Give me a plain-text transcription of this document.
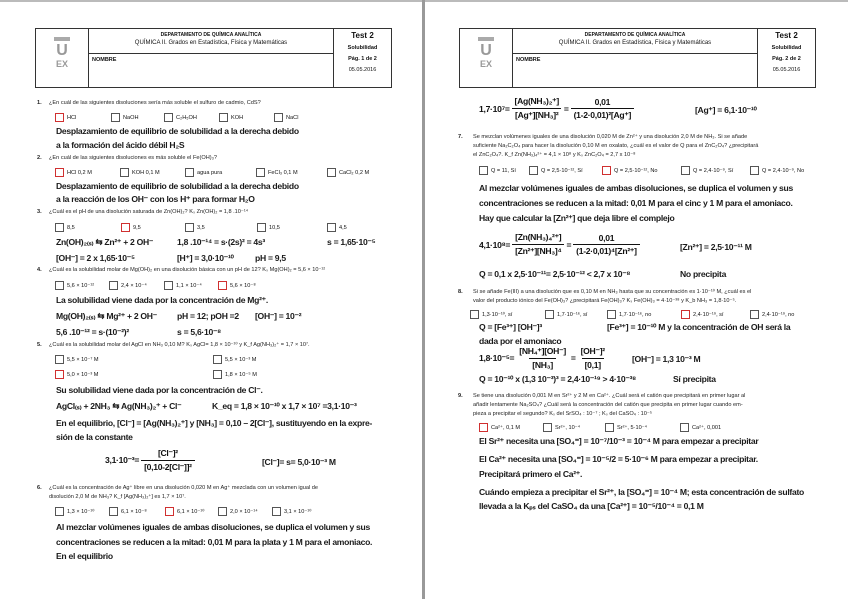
U
EX
DEPARTAMENTO DE QUÍMICA ANALÍTICA
QUÍMICA II. Grados en Estadística, Física y Matemáticas
NOMBRE
Test 2
Solubilidad
Pág. 1 de 2
05.05.2016
1. ¿En cuál de las siguientes disoluciones sería más soluble el sulfuro de cadmio, CdS?
HCl	NaOH	C₂H₅OH	KOH	NaCl
Desplazamiento de equilibrio de solubilidad a la derecha debido
a la formación del ácido débil H₂S
2. ¿En cuál de las siguientes disoluciones es más soluble el Fe(OH)₃?
HCl 0,2 M	KOH 0,1 M	agua pura	FeCl₃ 0,1 M	CaCl₂ 0,2 M
Desplazamiento de equilibrio de solubilidad a la derecha debido
a la reacción de los OH⁻ con los H⁺ para formar H₂O
3. ¿Cuál es el pH de una disolución saturada de Zn(OH)₂? Kₛ Zn(OH)₂ = 1,8 .10⁻¹⁴
8,5	9,5	3,5	10,5	4,5
Zn(OH)₂₍ₛ₎ ⇆ Zn²⁺ + 2 OH⁻	1,8 .10⁻¹⁴ = s·(2s)² = 4s³	s = 1,65·10⁻⁵
[OH⁻] = 2 x 1,65·10⁻⁵	[H⁺] = 3,0·10⁻¹⁰ pH = 9,5
4. ¿Cuál es la solubilidad molar de Mg(OH)₂ en una disolución básica con un pH de 12? Kₛ Mg(OH)₂ = 5,6 × 10⁻¹²
5,6 × 10⁻¹²	2,4 × 10⁻⁴	1,1 × 10⁻⁴	5,6 × 10⁻⁸
La solubilidad viene dada por la concentración de Mg²⁺.
Mg(OH)₂₍ₛ₎ ⇆ Mg²⁺ + 2 OH⁻ pH = 12; pOH =2 [OH⁻] = 10⁻²
5,6 .10⁻¹² = s·(10⁻²)²	s = 5,6·10⁻⁸
5. ¿Cuál es la solubilidad molar del AgCl en NH₃ 0,10 M? Kₛ AgCl= 1,8 × 10⁻¹⁰ y K_f Ag(NH₃)₂⁺ = 1,7 × 10⁷.
5,5 × 10⁻⁷ M	5,5 × 10⁻³ M
5,0 × 10⁻³ M	1,8 × 10⁻⁵ M
Su solubilidad viene dada por la concentración de Cl⁻.
AgCl₍ₛ₎ + 2NH₃ ⇆ Ag(NH₃)₂⁺ + Cl⁻	K_eq = 1,8 × 10⁻¹⁰ x 1,7 × 10⁷ =3,1·10⁻³
En el equilibrio, [Cl⁻] = [Ag(NH₃)₂⁺] y [NH₃] = 0,10 – 2[Cl⁻], sustituyendo en la expre-
sión de la constante
$3,1\cdot 10^{-3}= \frac{\text{[Cl⁻]²}}{\text{[0,10-2[Cl⁻]]²}}$	[Cl⁻]= s= 5,0·10⁻³ M
6. ¿Cuál es la concentración de Ag⁺ libre en una disolución 0,020 M en Ag⁺ mezclada con un volumen igual de
disolución 2,0 M de NH₃? K_f [Ag(NH₃)₂⁺] es 1,7 × 10⁷.
1,3 × 10⁻¹⁰	6,1 × 10⁻⁸	6,1 × 10⁻¹⁰	2,0 × 10⁻¹⁴	3,1 × 10⁻¹⁰
Al mezclar volúmenes iguales de ambas disoluciones, se duplica el volumen y sus
concentraciones se reducen a la mitad: 0,01 M para la plata y 1 M para el amoniaco.
En el equilibrio
U
EX
DEPARTAMENTO DE QUÍMICA ANALÍTICA
QUÍMICA II. Grados en Estadística, Física y Matemáticas
NOMBRE
Test 2
Solubilidad
Pág. 2 de 2
05.05.2016
$1,7\cdot 10^7= \frac{\text{[Ag(NH₃)₂⁺]}}{\text{[Ag⁺][NH₃]²}} = \frac{0,01}{\text{(1-2·0,01)²[Ag⁺]}}$	[Ag⁺] = 6,1·10⁻¹⁰
7. Se mezclan volúmenes iguales de una disolución 0,020 M de Zn²⁺ y una disolución 2,0 M de NH₃. Si se añade
suficiente Na₂C₂O₄ para hacer la disolución 0,10 M en oxalato, ¿cuál es el valor de Q para el ZnC₂O₄? ¿precipitará
el ZnC₂O₄?. K_f Zn(NH₃)₄²⁺ = 4,1 × 10⁸ y Kₛ ZnC₂O₄ = 2,7 x 10⁻⁸
Q = 11, Sí	Q = 2,5·10⁻¹², Sí	Q = 2,5·10⁻¹², No	Q = 2,4·10⁻⁹, Sí	Q = 2,4·10⁻⁹, No
Al mezclar volúmenes iguales de ambas disoluciones, se duplica el volumen y sus
concentraciones se reducen a la mitad: 0,01 M para el cinc y 1 M para el amoniaco.
Hay que calcular la [Zn²⁺] que deja libre el complejo
$4,1\cdot 10^8= \frac{\text{[Zn(NH₃)₄²⁺]}}{\text{[Zn²⁺][NH₃]⁴}} = \frac{0,01}{\text{(1-2·0,01)⁴[Zn²⁺]}}$	[Zn²⁺] = 2,5·10⁻¹¹ M
Q = 0,1 x 2,5·10⁻¹¹= 2,5·10⁻¹² < 2,7 x 10⁻⁸	No precipita
8. Si se añade Fe(III) a una disolución que es 0,10 M en NH₃ hasta que su concentración es 1·10⁻¹⁰ M, ¿cuál es el
valor del producto iónico del Fe(OH)₃? ¿precipitará Fe(OH)₃? Kₛ Fe(OH)₃ = 4·10⁻³⁸ y K_b NH₃ = 1,8·10⁻⁵.
1,3·10⁻¹⁰, sí	1,7·10⁻¹⁶, sí	1,7·10⁻¹⁶, no	2,4·10⁻¹⁹, sí	2,4·10⁻¹⁹, no
Q = [Fe³⁺] [OH⁻]³	[Fe³⁺] = 10⁻¹⁰ M y la concentración de OH será la
dada por el amoniaco
$1,8\cdot 10^{-5}= \frac{\text{[NH₄⁺][OH⁻]}}{\text{[NH₃]}} = \frac{\text{[OH⁻]²}}{[0,1]}$	[OH⁻] = 1,3 10⁻³ M
Q = 10⁻¹⁰ x (1,3 10⁻³)³ = 2,4·10⁻¹⁹ > 4·10⁻³⁸	Sí precipita
9. Se tiene una disolución 0,001 M en Sr²⁺ y 2 M en Ca²⁺. ¿Cuál será el catión que precipitará en primer lugar al
añadir lentamente Na₂SO₄? ¿Cuál será la concentración del catión que precipita en primer lugar cuando em-
pieza a precipitar el segundo? Kₛ del SrSO₄ : 10⁻⁷ ; Kₛ del CaSO₄ : 10⁻⁵
Ca²⁺, 0,1 M	Sr²⁺, 10⁻⁴	Sr²⁺, 5·10⁻⁴	Ca²⁺, 0,001
El Sr²⁺ necesita una [SO₄⁼] = 10⁻⁷/10⁻³ = 10⁻⁴ M para empezar a precipitar
El Ca²⁺ necesita una [SO₄⁼] = 10⁻⁵/2 = 5·10⁻⁶ M para empezar a precipitar.
Precipitará primero el Ca²⁺.
Cuándo empieza a precipitar el Sr²⁺, la [SO₄⁼] = 10⁻⁴ M; esta concentración de sulfato
llevada a la Kₚₛ del CaSO₄ da una [Ca²⁺] = 10⁻⁵/10⁻⁴ = 0,1 M
